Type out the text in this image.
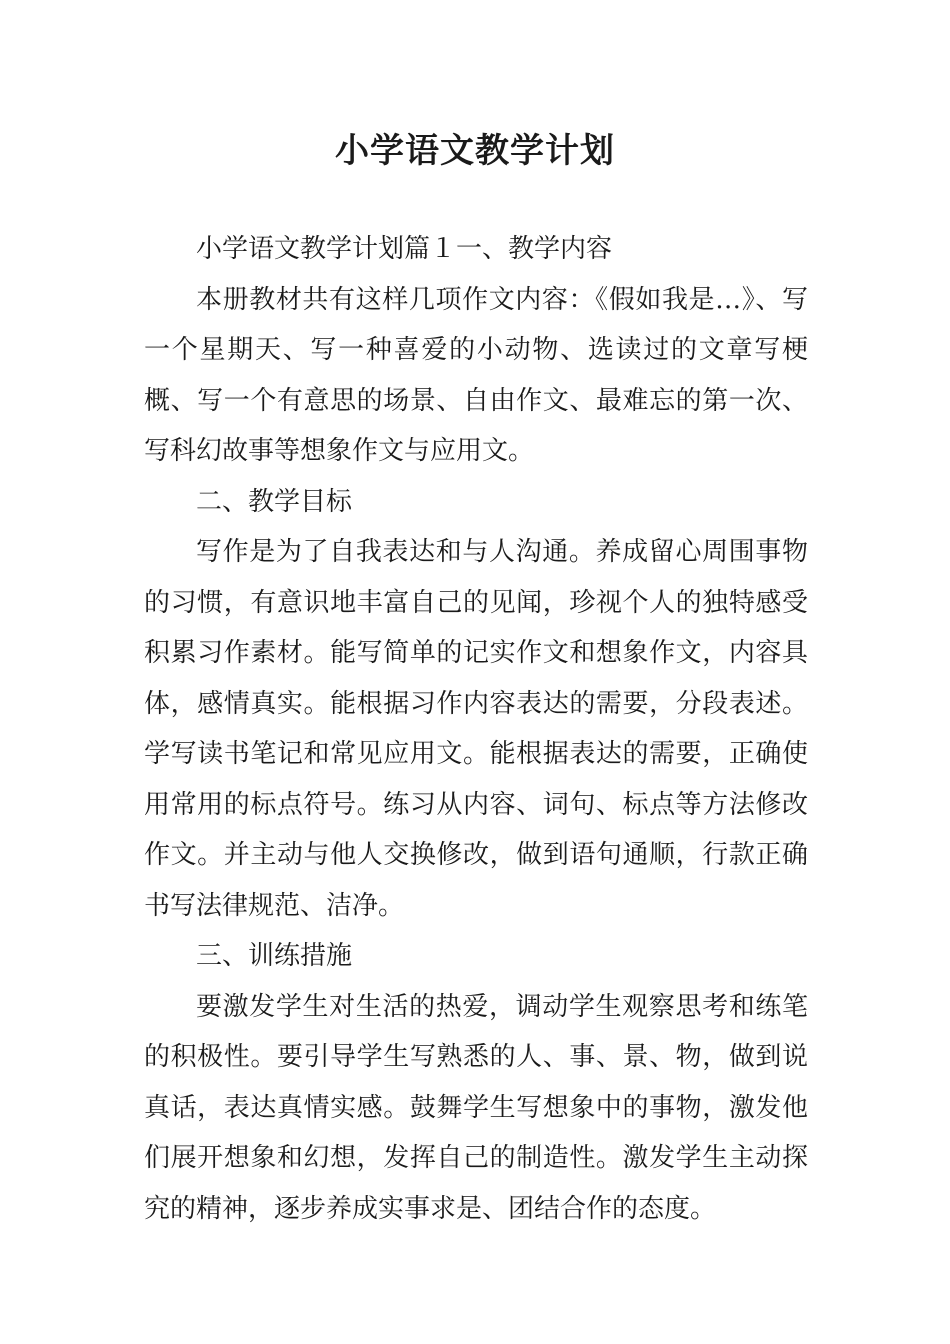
小学语文教学计划

小学语文教学计划篇１一、教学内容

本册教材共有这样几项作文内容：《假如我是…》、写一个星期天、写一种喜爱的小动物、选读过的文章写梗概、写一个有意思的场景、自由作文、最难忘的第一次、写科幻故事等想象作文与应用文。

二、教学目标

写作是为了自我表达和与人沟通。养成留心周围事物的习惯，有意识地丰富自己的见闻，珍视个人的独特感受积累习作素材。能写简单的记实作文和想象作文，内容具体，感情真实。能根据习作内容表达的需要，分段表述。学写读书笔记和常见应用文。能根据表达的需要，正确使用常用的标点符号。练习从内容、词句、标点等方法修改作文。并主动与他人交换修改，做到语句通顺，行款正确书写法律规范、洁净。

三、训练措施

要激发学生对生活的热爱，调动学生观察思考和练笔的积极性。要引导学生写熟悉的人、事、景、物，做到说真话，表达真情实感。鼓舞学生写想象中的事物，激发他们展开想象和幻想，发挥自己的制造性。激发学生主动探究的精神，逐步养成实事求是、团结合作的态度。
